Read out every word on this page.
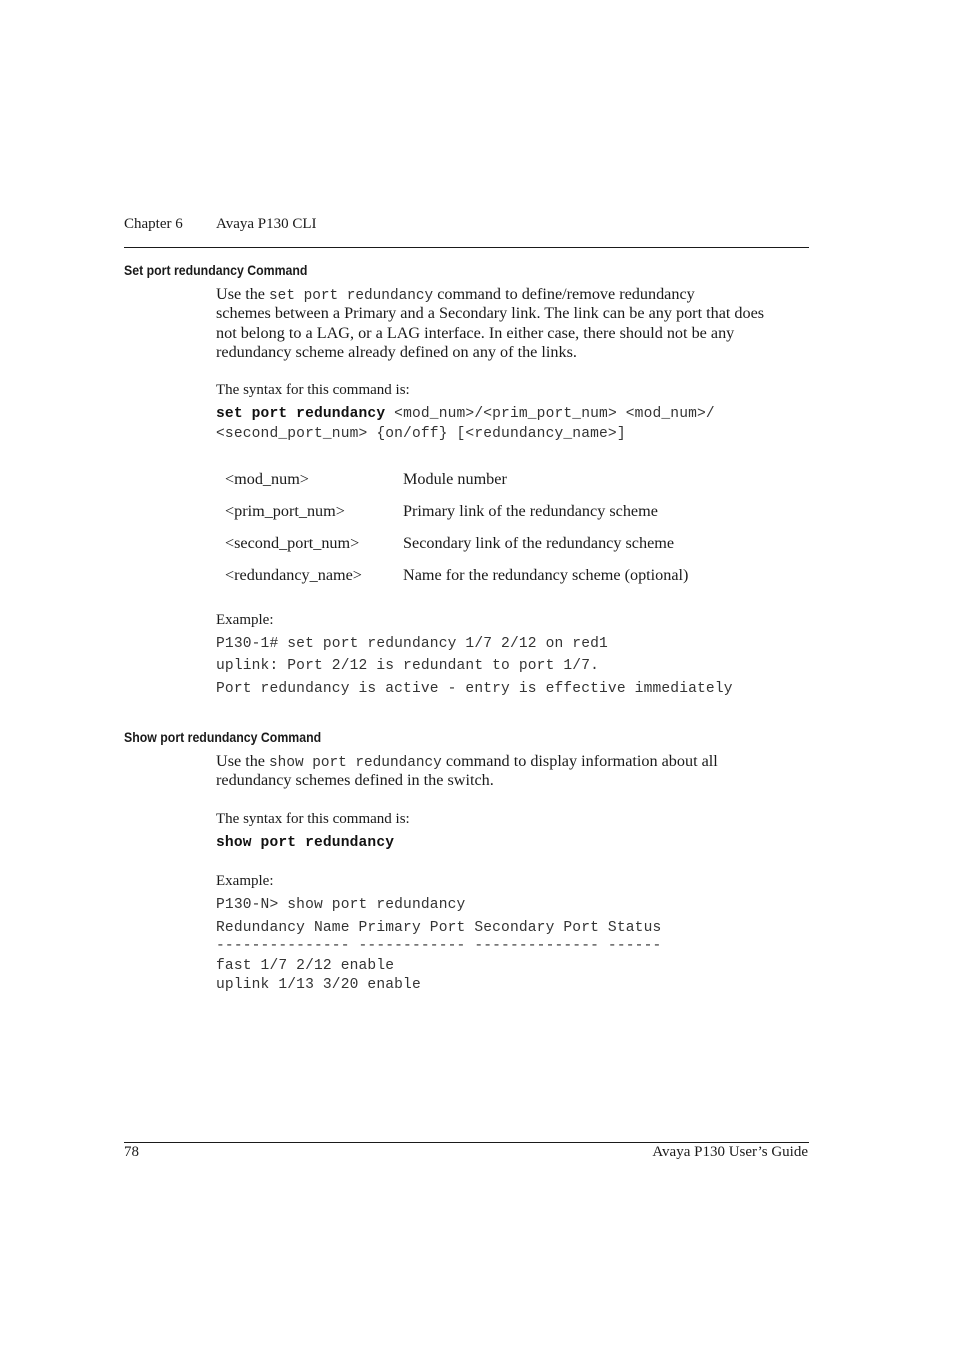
Chapter 6 Avaya P130 CLI
Set port redundancy Command
Use the set port redundancy command to define/remove redundancy
schemes between a Primary and a Secondary link. The link can be any port that does
not belong to a LAG, or a LAG interface. In either case, there should not be any
redundancy scheme already defined on any of the links.
The syntax for this command is:
set port redundancy <mod_num>/<prim_port_num> <mod_num>/
<second_port_num> {on/off} [<redundancy_name>]
<mod_num>	Module number
<prim_port_num>	Primary link of the redundancy scheme
<second_port_num>	Secondary link of the redundancy scheme
<redundancy_name>	Name for the redundancy scheme (optional)
Example:
P130-1# set port redundancy 1/7 2/12 on red1
uplink: Port 2/12 is redundant to port 1/7.
Port redundancy is active - entry is effective immediately
Show port redundancy Command
Use the show port redundancy command to display information about all
redundancy schemes defined in the switch.
The syntax for this command is:
show port redundancy
Example:
P130-N> show port redundancy
Redundancy Name Primary Port Secondary Port Status
--------------- ------------ -------------- ------
fast 1/7 2/12 enable
uplink 1/13 3/20 enable
78	Avaya P130 User’s Guide
